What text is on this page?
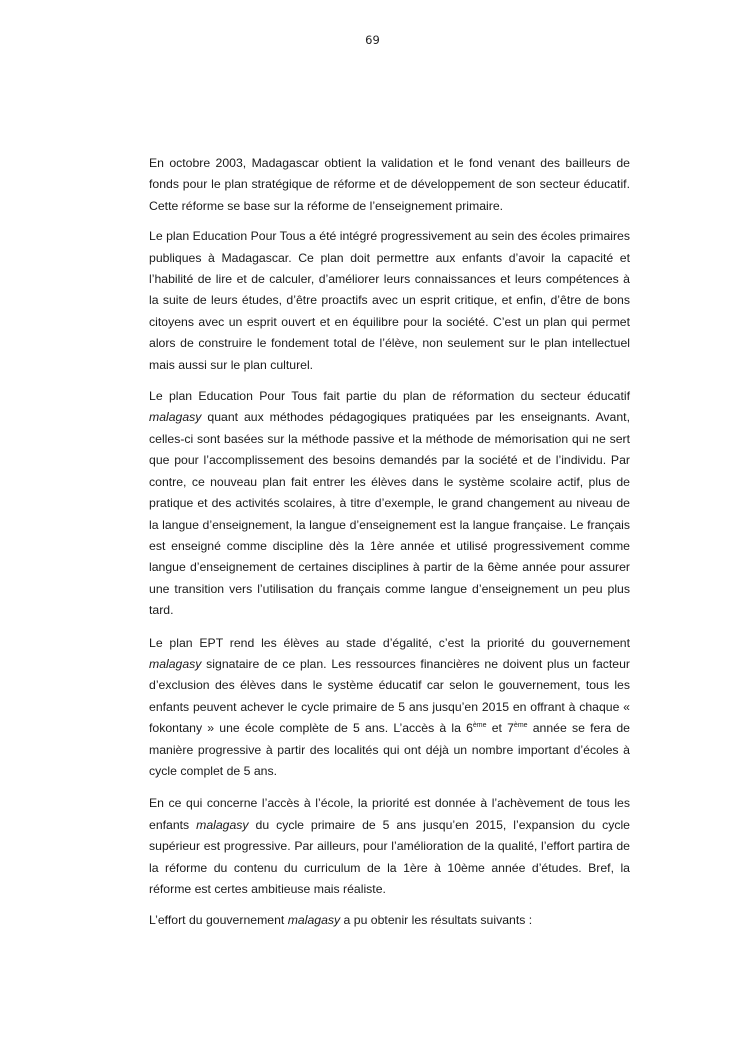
69

En octobre 2003, Madagascar obtient la validation et le fond venant des bailleurs de fonds pour le plan stratégique de réforme et de développement de son secteur éducatif. Cette réforme se base sur la réforme de l’enseignement primaire.

Le plan Education Pour Tous a été intégré progressivement au sein des écoles primaires publiques à Madagascar. Ce plan doit permettre aux enfants d’avoir la capacité et l’habilité de lire et de calculer, d’améliorer leurs connaissances et leurs compétences à la suite de leurs études, d’être proactifs avec un esprit critique, et enfin, d’être de bons citoyens avec un esprit ouvert et en équilibre pour la société. C’est un plan qui permet alors de construire le fondement total de l’élève, non seulement sur le plan intellectuel mais aussi sur le plan culturel.

Le plan Education Pour Tous fait partie du plan de réformation du secteur éducatif malagasy quant aux méthodes pédagogiques pratiquées par les enseignants. Avant, celles-ci sont basées sur la méthode passive et la méthode de mémorisation qui ne sert que pour l’accomplissement des besoins demandés par la société et de l’individu. Par contre, ce nouveau plan fait entrer les élèves dans le système scolaire actif, plus de pratique et des activités scolaires, à titre d’exemple, le grand changement au niveau de la langue d’enseignement, la langue d’enseignement est la langue française. Le français est enseigné comme discipline dès la 1ère année et utilisé progressivement comme langue d’enseignement de certaines disciplines à partir de la 6ème année pour assurer une transition vers l’utilisation du français comme langue d’enseignement un peu plus tard.

Le plan EPT rend les élèves au stade d’égalité, c’est la priorité du gouvernement malagasy signataire de ce plan. Les ressources financières ne doivent plus un facteur d’exclusion des élèves dans le système éducatif car selon le gouvernement, tous les enfants peuvent achever le cycle primaire de 5 ans jusqu’en 2015 en offrant à chaque « fokontany » une école complète de 5 ans. L’accès à la 6ème et 7ème année se fera de manière progressive à partir des localités qui ont déjà un nombre important d’écoles à cycle complet de 5 ans.

En ce qui concerne l’accès à l’école, la priorité est donnée à l’achèvement de tous les enfants malagasy du cycle primaire de 5 ans jusqu’en 2015, l’expansion du cycle supérieur est progressive. Par ailleurs, pour l’amélioration de la qualité, l’effort partira de la réforme du contenu du curriculum de la 1ère à 10ème année d’études. Bref, la réforme est certes ambitieuse mais réaliste.

L’effort du gouvernement malagasy a pu obtenir les résultats suivants :
